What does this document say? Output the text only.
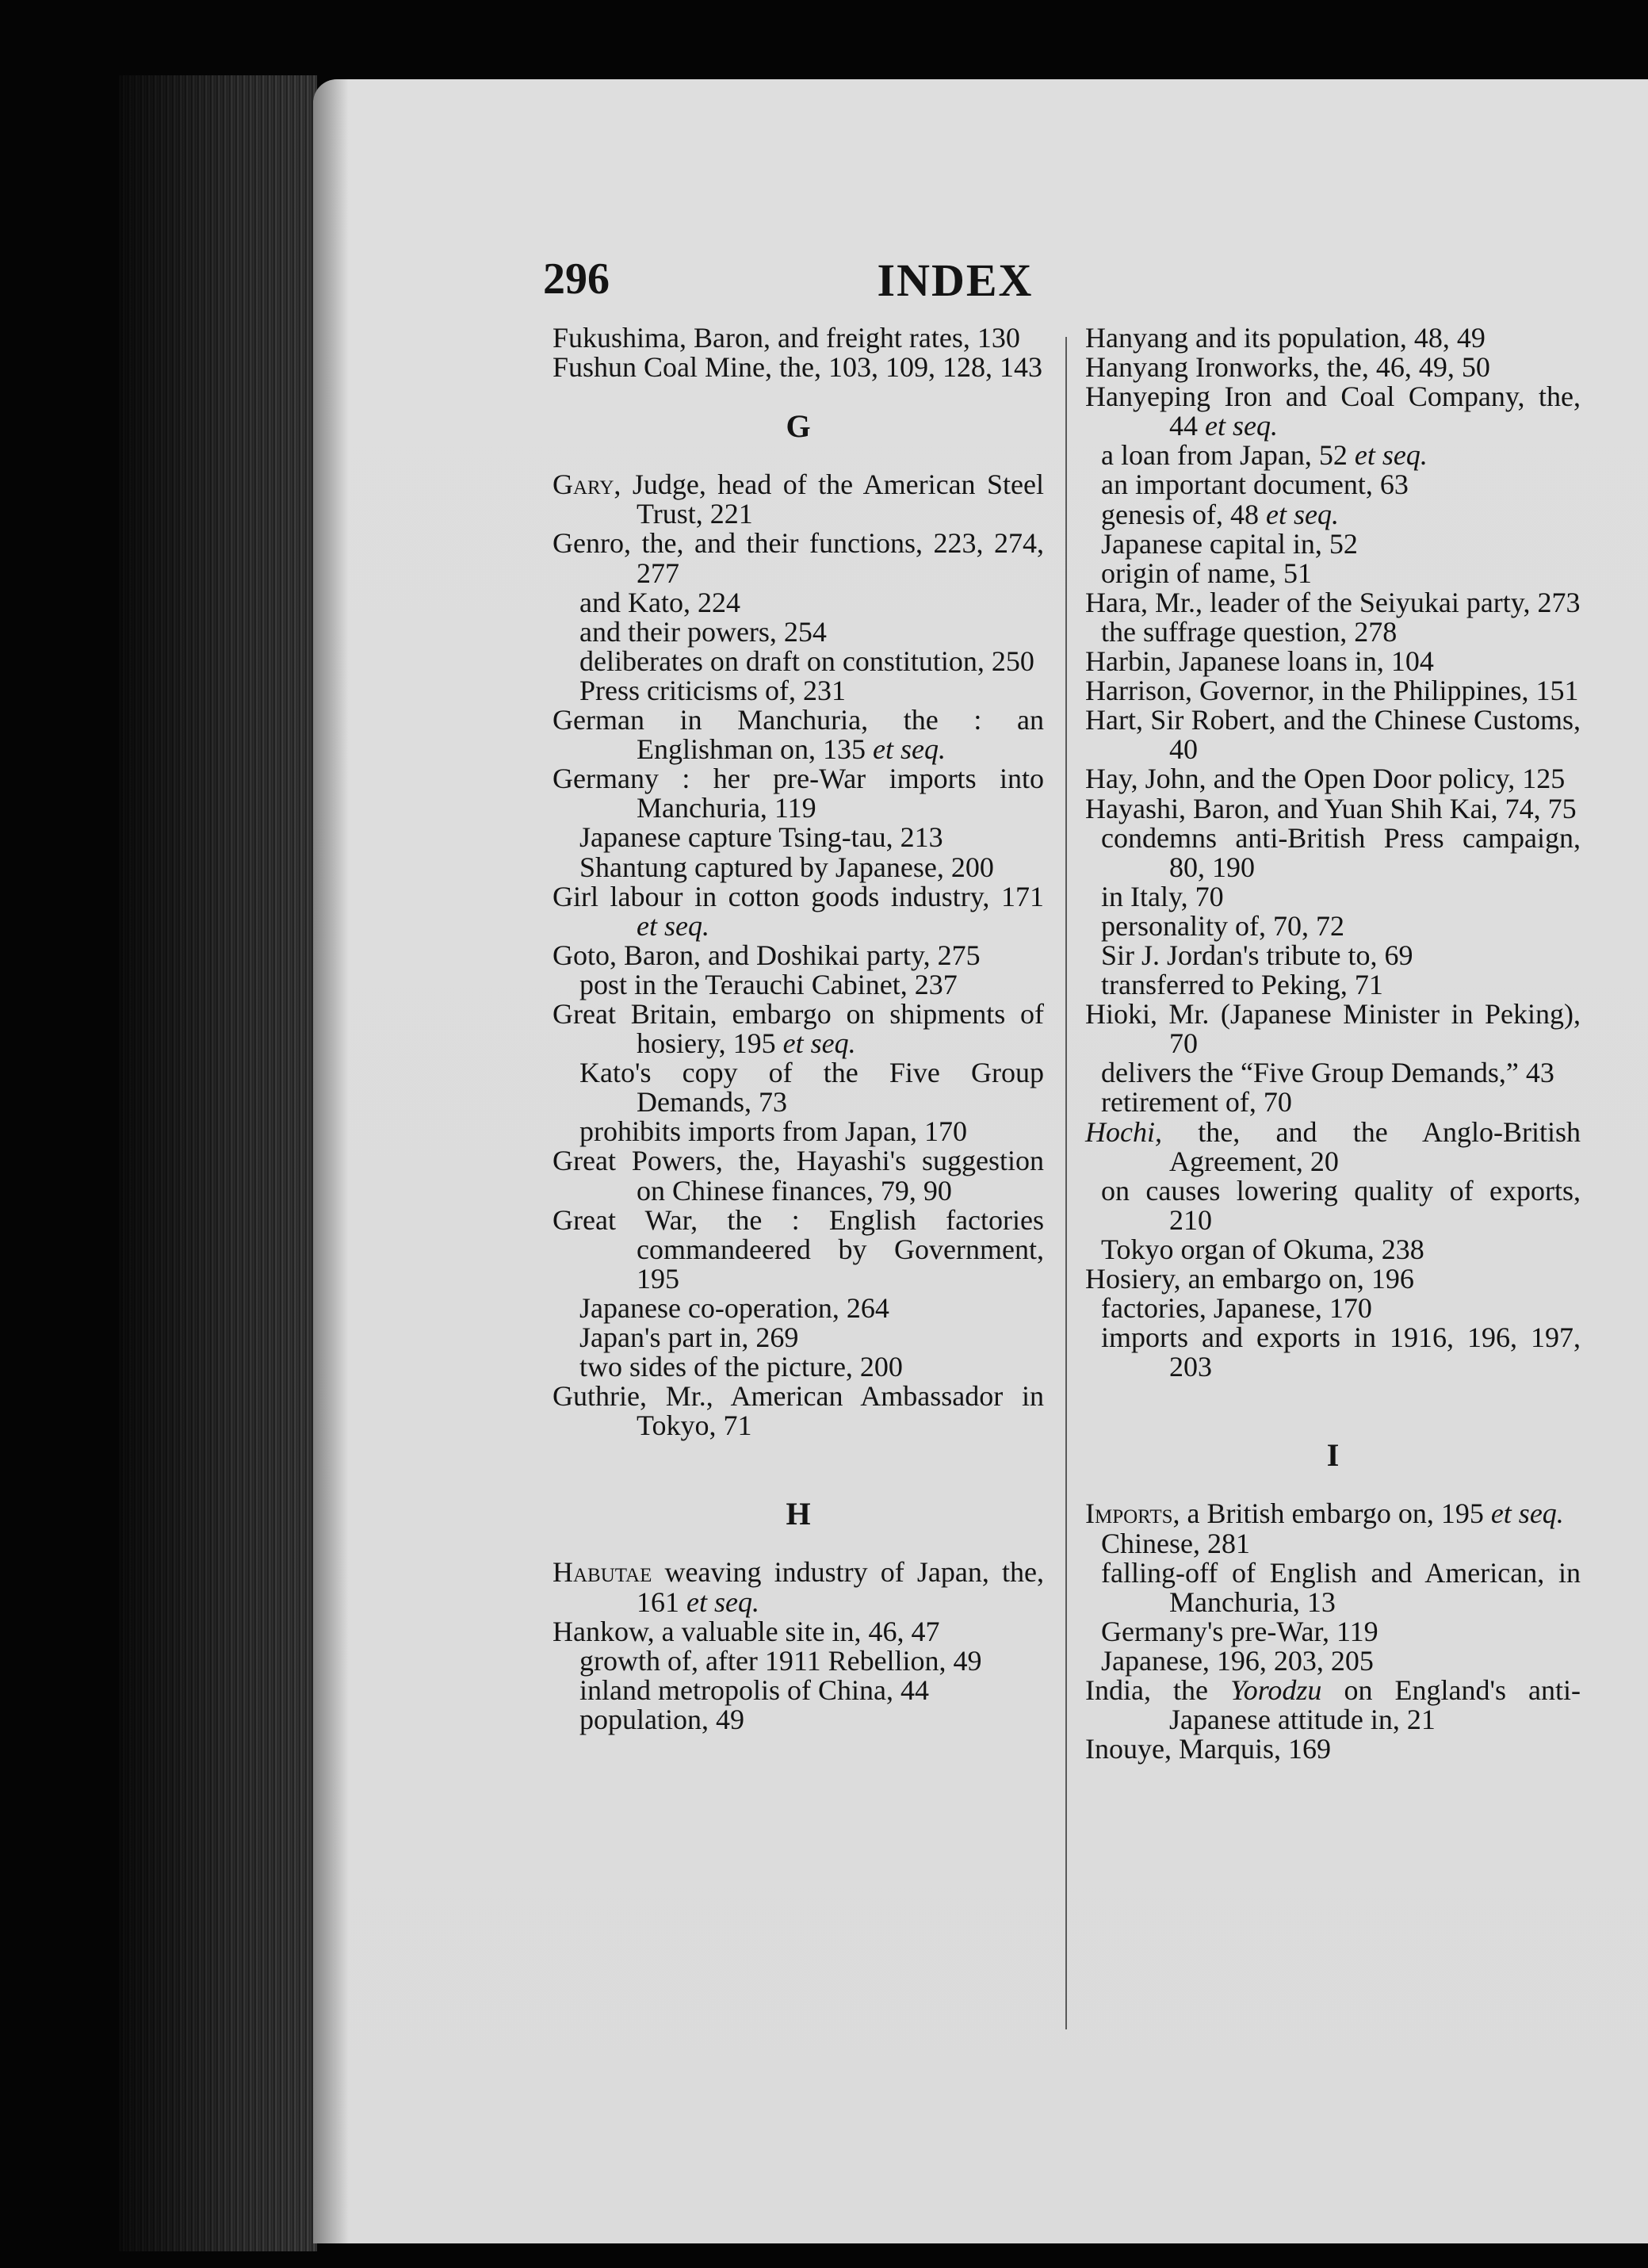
296	INDEX
Fukushima, Baron, and freight rates, 130
Fushun Coal Mine, the, 103, 109, 128, 143
G
Gary, Judge, head of the American Steel Trust, 221
Genro, the, and their functions, 223, 274, 277
and Kato, 224
and their powers, 254
deliberates on draft on constitution, 250
Press criticisms of, 231
German in Manchuria, the : an Englishman on, 135 et seq.
Germany : her pre-War imports into Manchuria, 119
Japanese capture Tsing-tau, 213
Shantung captured by Japanese, 200
Girl labour in cotton goods industry, 171 et seq.
Goto, Baron, and Doshikai party, 275
post in the Terauchi Cabinet, 237
Great Britain, embargo on shipments of hosiery, 195 et seq.
Kato's copy of the Five Group Demands, 73
prohibits imports from Japan, 170
Great Powers, the, Hayashi's suggestion on Chinese finances, 79, 90
Great War, the : English factories commandeered by Government, 195
Japanese co-operation, 264
Japan's part in, 269
two sides of the picture, 200
Guthrie, Mr., American Ambassador in Tokyo, 71
H
Habutae weaving industry of Japan, the, 161 et seq.
Hankow, a valuable site in, 46, 47
growth of, after 1911 Rebellion, 49
inland metropolis of China, 44
population, 49
Hanyang and its population, 48, 49
Hanyang Ironworks, the, 46, 49, 50
Hanyeping Iron and Coal Company, the, 44 et seq.
a loan from Japan, 52 et seq.
an important document, 63
genesis of, 48 et seq.
Japanese capital in, 52
origin of name, 51
Hara, Mr., leader of the Seiyukai party, 273
the suffrage question, 278
Harbin, Japanese loans in, 104
Harrison, Governor, in the Philippines, 151
Hart, Sir Robert, and the Chinese Customs, 40
Hay, John, and the Open Door policy, 125
Hayashi, Baron, and Yuan Shih Kai, 74, 75
condemns anti-British Press campaign, 80, 190
in Italy, 70
personality of, 70, 72
Sir J. Jordan's tribute to, 69
transferred to Peking, 71
Hioki, Mr. (Japanese Minister in Peking), 70
delivers the “Five Group Demands,” 43
retirement of, 70
Hochi, the, and the Anglo-British Agreement, 20
on causes lowering quality of exports, 210
Tokyo organ of Okuma, 238
Hosiery, an embargo on, 196
factories, Japanese, 170
imports and exports in 1916, 196, 197, 203
I
Imports, a British embargo on, 195 et seq.
Chinese, 281
falling-off of English and American, in Manchuria, 13
Germany's pre-War, 119
Japanese, 196, 203, 205
India, the Yorodzu on England's anti-Japanese attitude in, 21
Inouye, Marquis, 169
